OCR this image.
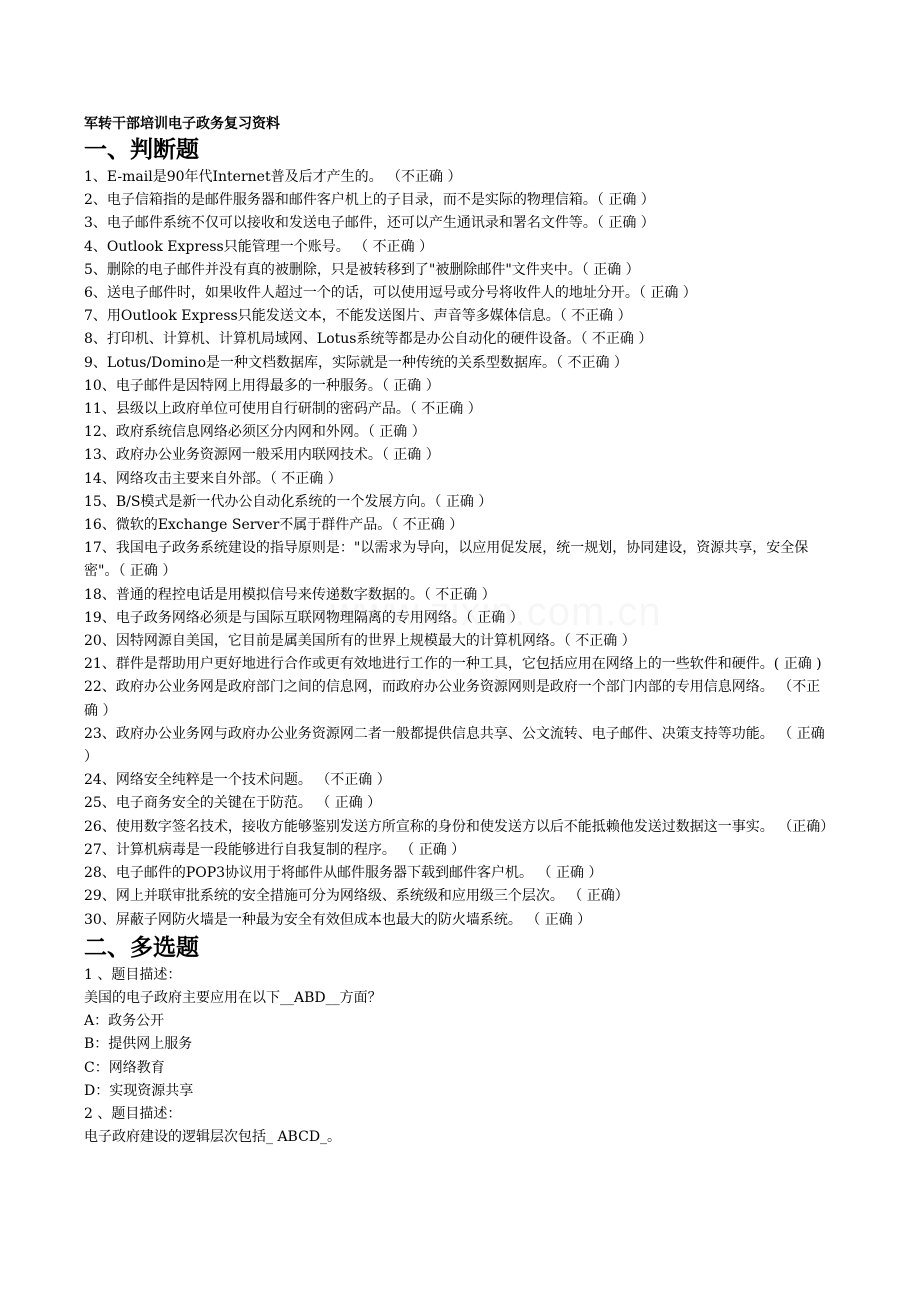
军转干部培训电子政务复习资料
一、判断题
1、E-mail是90年代Internet普及后才产生的。 （不正确 ）
2、电子信箱指的是邮件服务器和邮件客户机上的子目录，而不是实际的物理信箱。（ 正确 ）
3、电子邮件系统不仅可以接收和发送电子邮件，还可以产生通讯录和署名文件等。（ 正确 ）
4、Outlook Express只能管理一个账号。 （ 不正确 ）
5、删除的电子邮件并没有真的被删除，只是被转移到了"被删除邮件"文件夹中。（ 正确 ）
6、送电子邮件时，如果收件人超过一个的话，可以使用逗号或分号将收件人的地址分开。（ 正确 ）
7、用Outlook Express只能发送文本，不能发送图片、声音等多媒体信息。（ 不正确 ）
8、打印机、计算机、计算机局域网、Lotus系统等都是办公自动化的硬件设备。（ 不正确 ）
9、Lotus/Domino是一种文档数据库，实际就是一种传统的关系型数据库。（ 不正确 ）
10、电子邮件是因特网上用得最多的一种服务。（ 正确 ）
11、县级以上政府单位可使用自行研制的密码产品。（ 不正确 ）
12、政府系统信息网络必须区分内网和外网。（ 正确 ）
13、政府办公业务资源网一般采用内联网技术。（ 正确 ）
14、网络攻击主要来自外部。（ 不正确 ）
15、B/S模式是新一代办公自动化系统的一个发展方向。（ 正确 ）
16、微软的Exchange Server不属于群件产品。（ 不正确 ）
17、我国电子政务系统建设的指导原则是："以需求为导向，以应用促发展，统一规划，协同建设，资源共享，安全保密"。（ 正确 ）
18、普通的程控电话是用模拟信号来传递数字数据的。（ 不正确 ）
19、电子政务网络必须是与国际互联网物理隔离的专用网络。（ 正确 ）
20、因特网源自美国，它目前是属美国所有的世界上规模最大的计算机网络。（ 不正确 ）
21、群件是帮助用户更好地进行合作或更有效地进行工作的一种工具，它包括应用在网络上的一些软件和硬件。( 正确 )
22、政府办公业务网是政府部门之间的信息网，而政府办公业务资源网则是政府一个部门内部的专用信息网络。 （不正确 ）
23、政府办公业务网与政府办公业务资源网二者一般都提供信息共享、公文流转、电子邮件、决策支持等功能。 （ 正确 ）
24、网络安全纯粹是一个技术问题。 （不正确 ）
25、电子商务安全的关键在于防范。 （ 正确 ）
26、使用数字签名技术，接收方能够鉴别发送方所宣称的身份和使发送方以后不能抵赖他发送过数据这一事实。 （正确）
27、计算机病毒是一段能够进行自我复制的程序。 （ 正确 ）
28、电子邮件的POP3协议用于将邮件从邮件服务器下载到邮件客户机。 （ 正确 ）
29、网上并联审批系统的安全措施可分为网络级、系统级和应用级三个层次。 （ 正确）
30、屏蔽子网防火墙是一种最为安全有效但成本也最大的防火墙系统。 （ 正确 ）
二、多选题
1 、题目描述：
美国的电子政府主要应用在以下__ABD__方面？
A：政务公开
B：提供网上服务
C：网络教育
D：实现资源共享
2 、题目描述：
电子政府建设的逻辑层次包括_ ABCD_。
